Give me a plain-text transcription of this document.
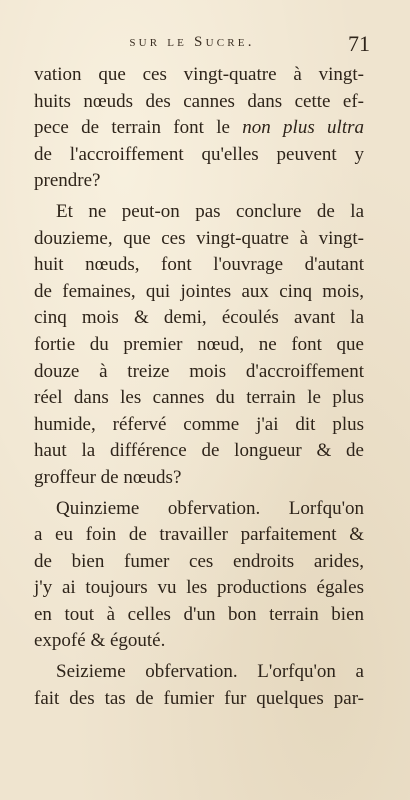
sur le Sucre.	71
vation que ces vingt-quatre à vingt-
huits nœuds des cannes dans cette ef-
pece de terrain font le non plus ultra
de l'accroiffement qu'elles peuvent y
prendre?
Et ne peut-on pas conclure de la
douzieme, que ces vingt-quatre à vingt-
huit nœuds, font l'ouvrage d'autant
de femaines, qui jointes aux cinq mois,
cinq mois & demi, écoulés avant la
fortie du premier nœud, ne font que
douze à treize mois d'accroiffement
réel dans les cannes du terrain le plus
humide, réfervé comme j'ai dit plus
haut la différence de longueur & de
groffeur de nœuds?
Quinzieme obfervation. Lorfqu'on
a eu foin de travailler parfaitement &
de bien fumer ces endroits arides,
j'y ai toujours vu les productions égales
en tout à celles d'un bon terrain bien
expofé & égouté.
Seizieme obfervation. L'orfqu'on a
fait des tas de fumier fur quelques par-
